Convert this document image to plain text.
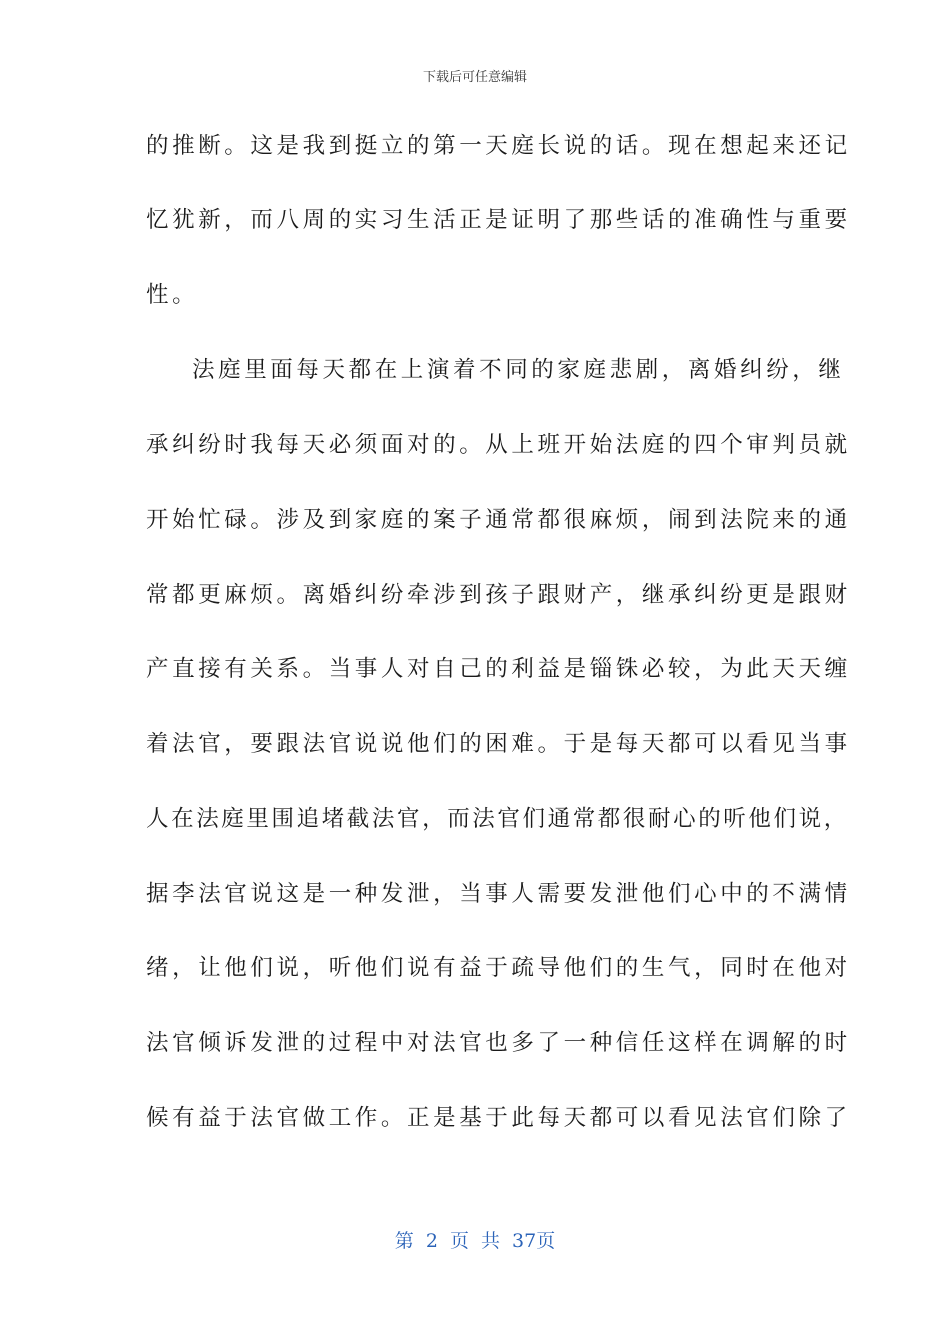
下载后可任意编辑
的推断。这是我到挺立的第一天庭长说的话。现在想起来还记
忆犹新，而八周的实习生活正是证明了那些话的准确性与重要
性。
法庭里面每天都在上演着不同的家庭悲剧，离婚纠纷，继
承纠纷时我每天必须面对的。从上班开始法庭的四个审判员就
开始忙碌。涉及到家庭的案子通常都很麻烦，闹到法院来的通
常都更麻烦。离婚纠纷牵涉到孩子跟财产，继承纠纷更是跟财
产直接有关系。当事人对自己的利益是锱铢必较，为此天天缠
着法官，要跟法官说说他们的困难。于是每天都可以看见当事
人在法庭里围追堵截法官，而法官们通常都很耐心的听他们说，
据李法官说这是一种发泄，当事人需要发泄他们心中的不满情
绪，让他们说，听他们说有益于疏导他们的生气，同时在他对
法官倾诉发泄的过程中对法官也多了一种信任这样在调解的时
候有益于法官做工作。正是基于此每天都可以看见法官们除了
第 2 页 共 37页
